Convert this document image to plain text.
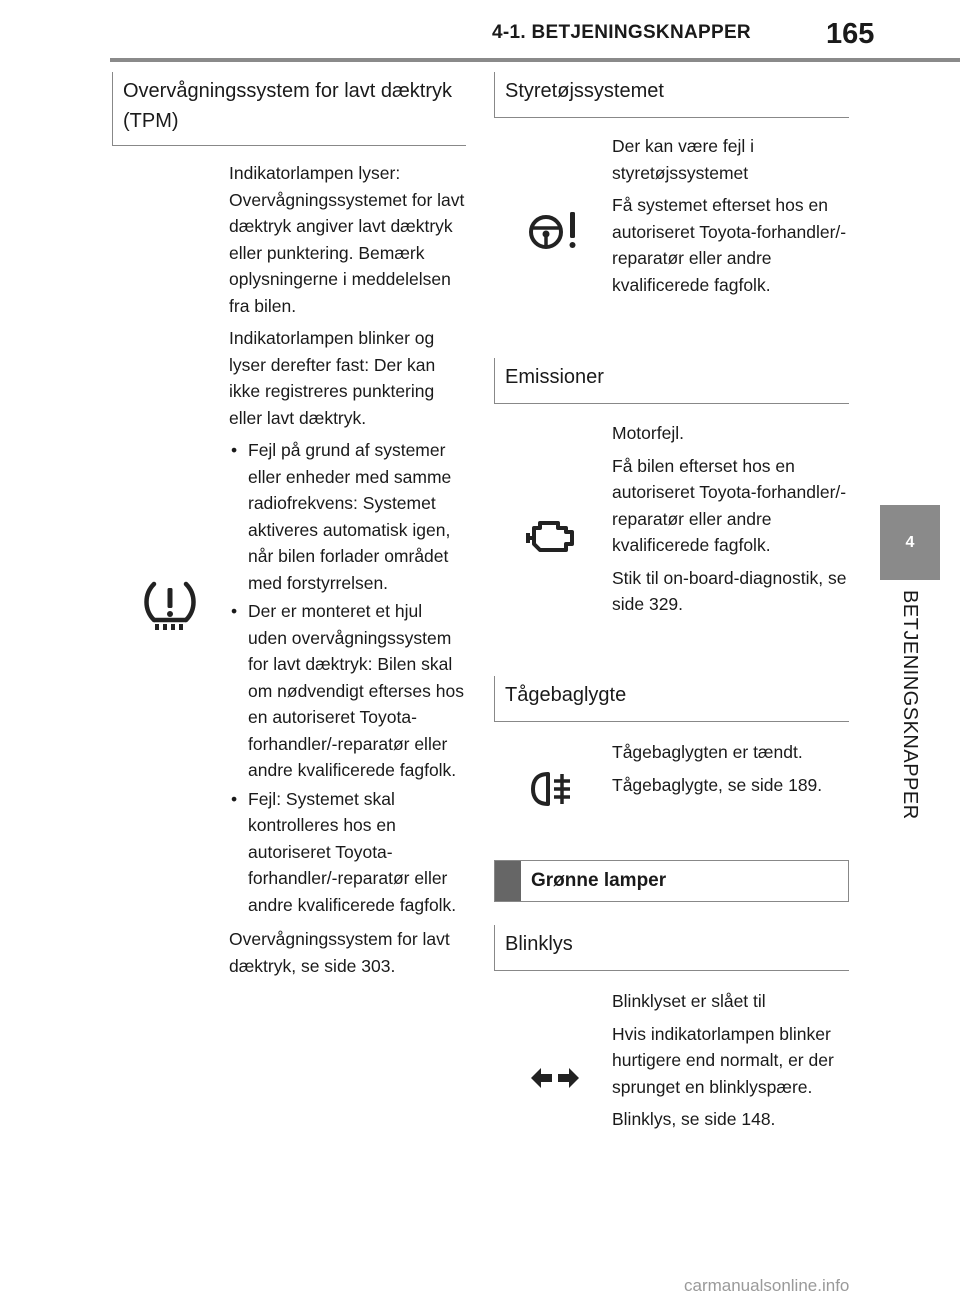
4-1. BETJENINGSKNAPPER	165
4
BETJENINGSKNAPPER
Overvågningssystem for lavt dæktryk (TPM)

Indikatorlampen lyser: Overvågningssystemet for lavt dæktryk angiver lavt dæktryk eller punktering. Bemærk oplysningerne i meddelelsen fra bilen.

Indikatorlampen blinker og lyser derefter fast: Der kan ikke registreres punktering eller lavt dæktryk.

• Fejl på grund af systemer eller enheder med samme radiofrekvens: Systemet aktiveres automatisk igen, når bilen forlader området med forstyrrelsen.
• Der er monteret et hjul uden overvågningssystem for lavt dæktryk: Bilen skal om nødvendigt efterses hos en autoriseret Toyota-forhandler/-reparatør eller andre kvalificerede fagfolk.
• Fejl: Systemet skal kontrolleres hos en autoriseret Toyota-forhandler/-reparatør eller andre kvalificerede fagfolk.

Overvågningssystem for lavt dæktryk, se side 303.

Styretøjssystemet

Der kan være fejl i styretøjssystemet

Få systemet efterset hos en autoriseret Toyota-forhandler/-reparatør eller andre kvalificerede fagfolk.

Emissioner

Motorfejl.

Få bilen efterset hos en autoriseret Toyota-forhandler/-reparatør eller andre kvalificerede fagfolk.

Stik til on-board-diagnostik, se side 329.

Tågebaglygte

Tågebaglygten er tændt.

Tågebaglygte, se side 189.

Grønne lamper
Blinklys

Blinklyset er slået til

Hvis indikatorlampen blinker hurtigere end normalt, er der sprunget en blinklyspære.

Blinklys, se side 148.

carmanualsonline.info
